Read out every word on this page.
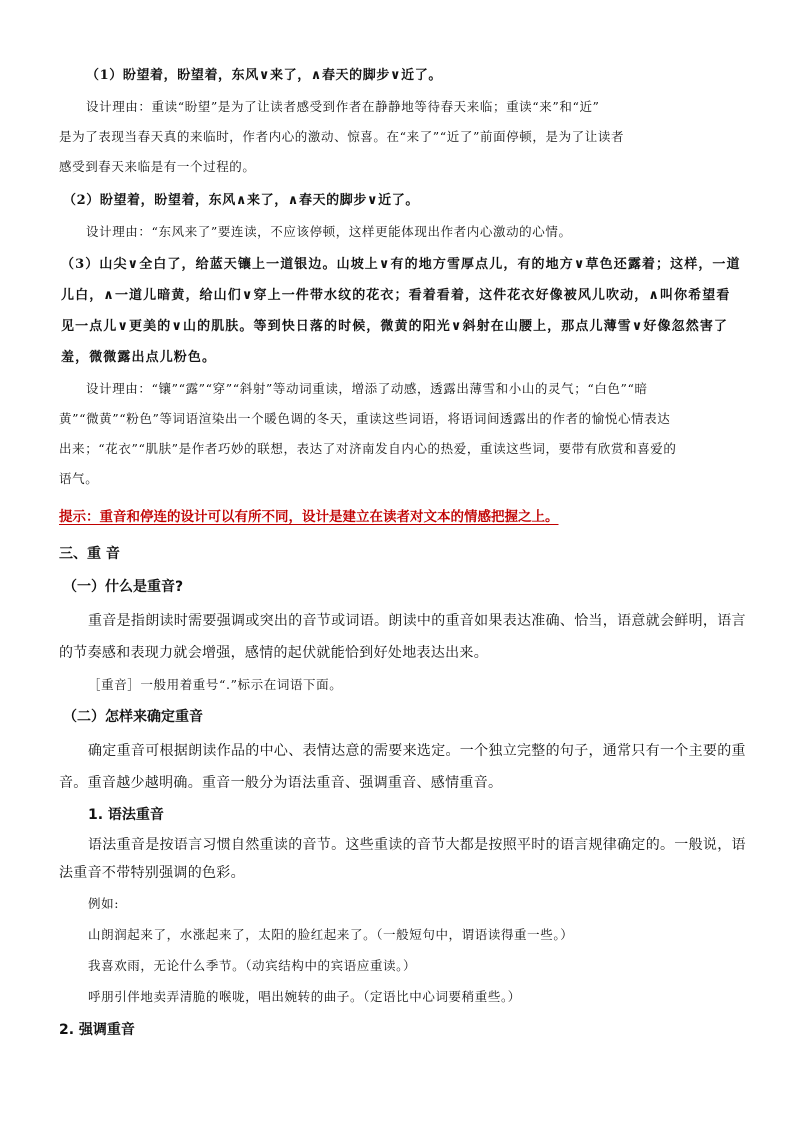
（1）盼望着，盼望着，东风∨来了，∧春天的脚步∨近了。

设计理由：重读“盼望”是为了让读者感受到作者在静静地等待春天来临；重读“来”和“近”

是为了表现当春天真的来临时，作者内心的激动、惊喜。在“来了”“近了”前面停顿，是为了让读者

感受到春天来临是有一个过程的。

（2）盼望着，盼望着，东风∧来了，∧春天的脚步∨近了。

设计理由：“东风来了”要连读，不应该停顿，这样更能体现出作者内心激动的心情。

（3）山尖∨全白了，给蓝天镶上一道银边。山坡上∨有的地方雪厚点儿，有的地方∨草色还露着；这样，一道

儿白，∧一道儿暗黄，给山们∨穿上一件带水纹的花衣；看着看着，这件花衣好像被风儿吹动，∧叫你希望看

见一点儿∨更美的∨山的肌肤。等到快日落的时候，微黄的阳光∨斜射在山腰上，那点儿薄雪∨好像忽然害了

羞，微微露出点儿粉色。

设计理由：“镶”“露”“穿”“斜射”等动词重读，增添了动感，透露出薄雪和小山的灵气；“白色”“暗

黄”“微黄”“粉色”等词语渲染出一个暖色调的冬天，重读这些词语，将语词间透露出的作者的愉悦心情表达

出来；“花衣”“肌肤”是作者巧妙的联想，表达了对济南发自内心的热爱，重读这些词，要带有欣赏和喜爱的

语气。

提示：重音和停连的设计可以有所不同，设计是建立在读者对文本的情感把握之上。

三、重 音

（一）什么是重音?

重音是指朗读时需要强调或突出的音节或词语。朗读中的重音如果表达准确、恰当，语意就会鲜明，语言

的节奏感和表现力就会增强，感情的起伏就能恰到好处地表达出来。

［重音］一般用着重号“.”标示在词语下面。

（二）怎样来确定重音

确定重音可根据朗读作品的中心、表情达意的需要来选定。一个独立完整的句子，通常只有一个主要的重

音。重音越少越明确。重音一般分为语法重音、强调重音、感情重音。

1. 语法重音

语法重音是按语言习惯自然重读的音节。这些重读的音节大都是按照平时的语言规律确定的。一般说，语

法重音不带特别强调的色彩。

例如:

山朗润起来了，水涨起来了，太阳的脸红起来了。（一般短句中，谓语读得重一些。）

我喜欢雨，无论什么季节。（动宾结构中的宾语应重读。）

呼朋引伴地卖弄清脆的喉咙，唱出婉转的曲子。（定语比中心词要稍重些。）

2. 强调重音
